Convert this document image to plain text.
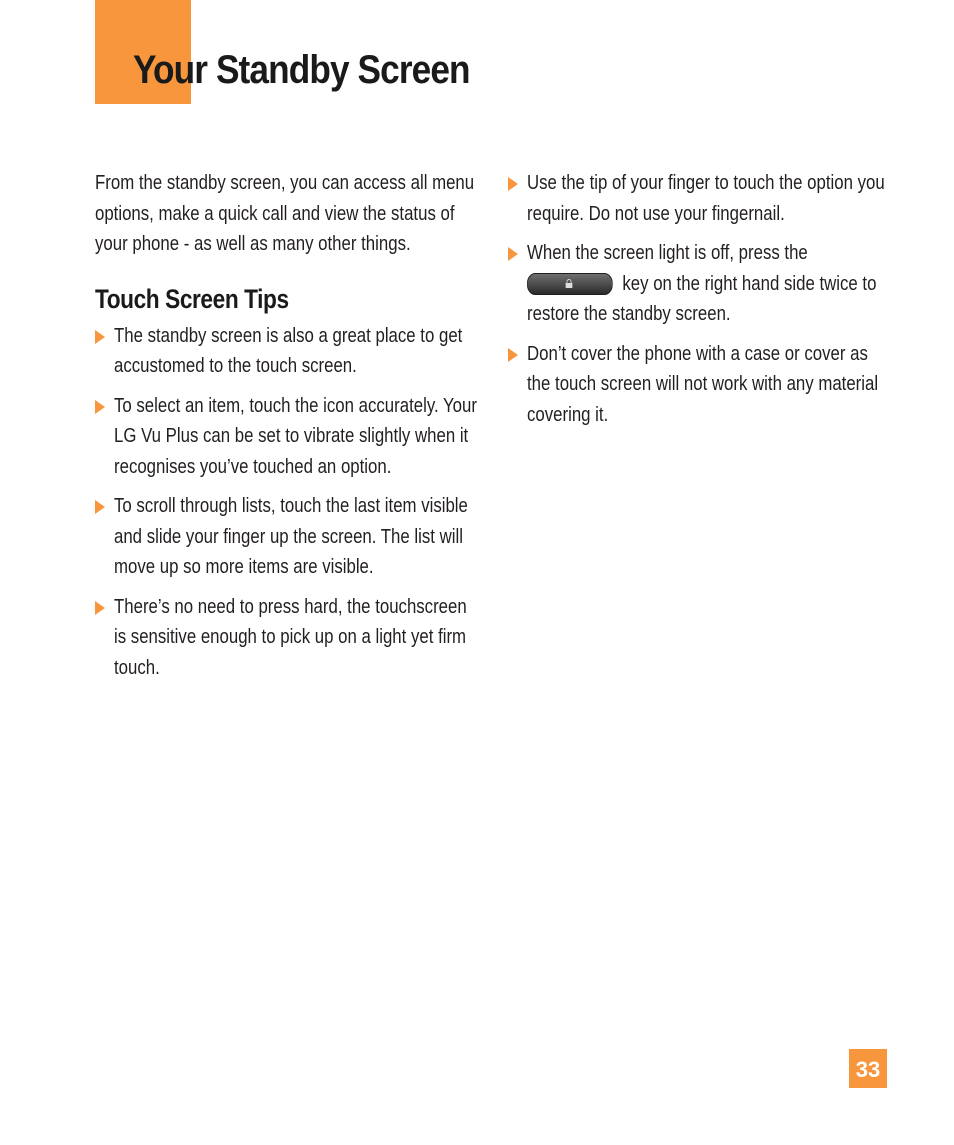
Your Standby Screen

From the standby screen, you can access all menu options, make a quick call and view the status of your phone - as well as many other things.

Touch Screen Tips
The standby screen is also a great place to get accustomed to the touch screen.
To select an item, touch the icon accurately. Your LG Vu Plus can be set to vibrate slightly when it recognises you’ve touched an option.
To scroll through lists, touch the last item visible and slide your finger up the screen. The list will move up so more items are visible.
There’s no need to press hard, the touchscreen is sensitive enough to pick up on a light yet firm touch.
Use the tip of your finger to touch the option you require. Do not use your fingernail.
When the screen light is off, press the

key on the right hand side twice to restore the standby screen.
Don’t cover the phone with a case or cover as the touch screen will not work with any material covering it.
33
